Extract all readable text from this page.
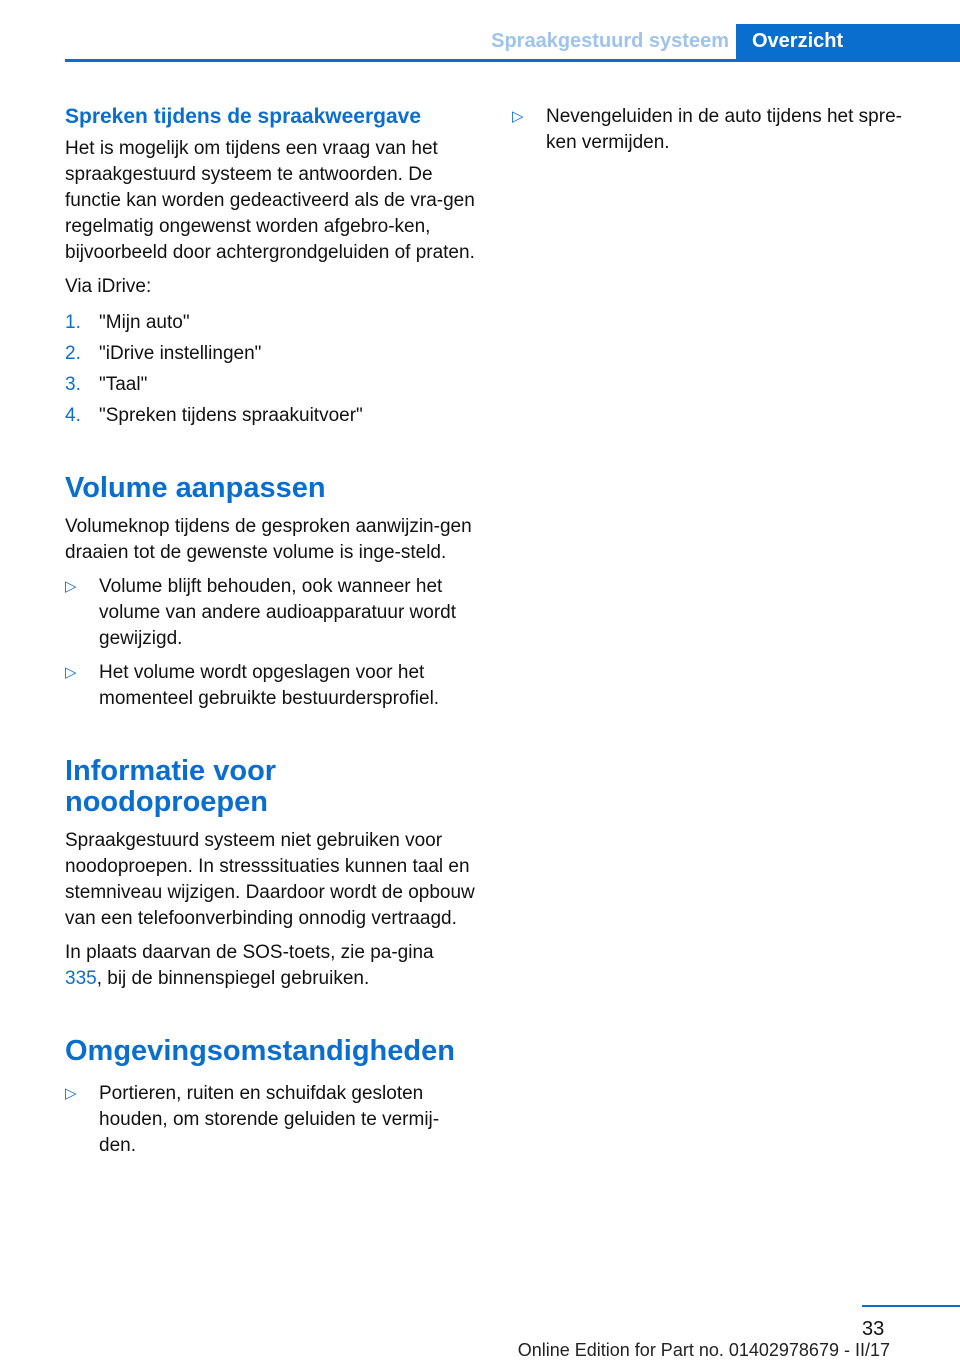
Spraakgestuurd systeem Overzicht
Spreken tijdens de spraakweergave

Het is mogelijk om tijdens een vraag van het spraakgestuurd systeem te antwoorden. De functie kan worden gedeactiveerd als de vra-gen regelmatig ongewenst worden afgebro-ken, bijvoorbeeld door achtergrondgeluiden of praten.

Via iDrive:

1. "Mijn auto"
2. "iDrive instellingen"
3. "Taal"
4. "Spreken tijdens spraakuitvoer"
Volume aanpassen

Volumeknop tijdens de gesproken aanwijzin-gen draaien tot de gewenste volume is inge-steld.

▷ Volume blijft behouden, ook wanneer het volume van andere audioapparatuur wordt gewijzigd.
▷ Het volume wordt opgeslagen voor het momenteel gebruikte bestuurdersprofiel.
Informatie voor
noodoproepen

Spraakgestuurd systeem niet gebruiken voor noodoproepen. In stresssituaties kunnen taal en stemniveau wijzigen. Daardoor wordt de opbouw van een telefoonverbinding onnodig vertraagd.

In plaats daarvan de SOS-toets, zie pa-gina 335, bij de binnenspiegel gebruiken.

Omgevingsomstandigheden
▷ Portieren, ruiten en schuifdak gesloten houden, om storende geluiden te vermij-den.
▷ Nevengeluiden in de auto tijdens het spre-ken vermijden.
33
Online Edition for Part no. 01402978679 - II/17
